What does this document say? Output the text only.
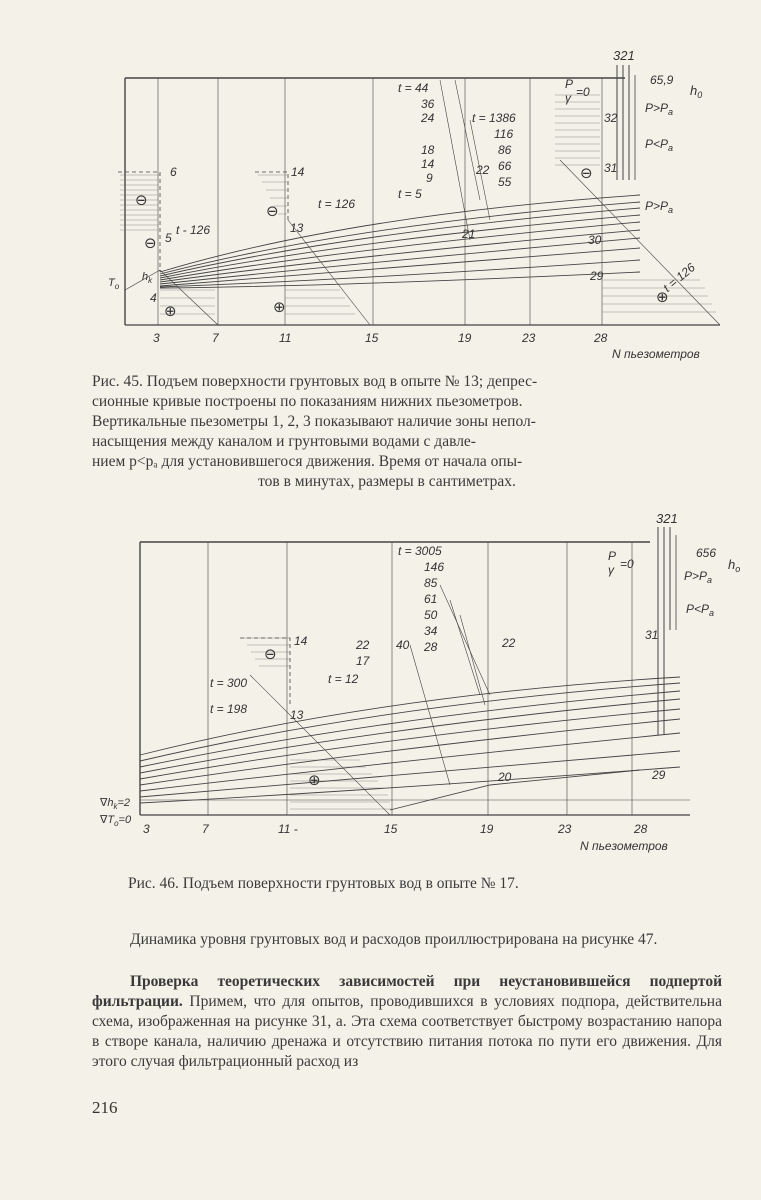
321
P
γ =0
65,9
$h_0$
$P>P_a$
$P<P_a$
$P>P_a$
t = 44
36
24
18
14
9
t = 5
t = 1386
116
86
66
55
6
5
4
14
13
22
21
32
31
30
29
t - 126
t = 126
t = 126
$T_o$
$h_k$
⊖
⊖
⊖
⊖
⊕	⊕
⊕
3	7	11	15	19	23	28
N пьезометров
Рис. 45. Подъем поверхности грунтовых вод в опыте № 13; депрес-
сионные кривые построены по показаниям нижних пьезометров.
Вертикальные пьезометры 1, 2, 3 показывают наличие зоны непол-
насыщения между каналом и грунтовыми водами с давле-
нием p<pₐ для установившегося движения. Время от начала опы-
тов в минутах, размеры в сантиметрах.
321
P
γ =0
656
$h_o$
$P>P_a$
$P<P_a$
t = 3005
146
85
61
50
34
28
22
17
t = 12
40
t = 300
t = 198
14
13
22
20
31
29
$\nabla h_k=2$
$\nabla T_o=0$
⊖
⊕
3	7	11 -	15	19	23	28
N пьезометров
Рис. 46. Подъем поверхности грунтовых вод в опыте № 17.
Динамика уровня грунтовых вод и расходов проиллюстрирована на рисунке 47.
Проверка теоретических зависимостей при неустановившейся подпертой фильтрации. Примем, что для опытов, проводившихся в условиях подпора, действительна схема, изображенная на рисунке 31, а. Эта схема соответствует быстрому возрастанию напора в створе канала, наличию дренажа и отсутствию питания потока по пути его движения. Для этого случая фильтрационный расход из
216
